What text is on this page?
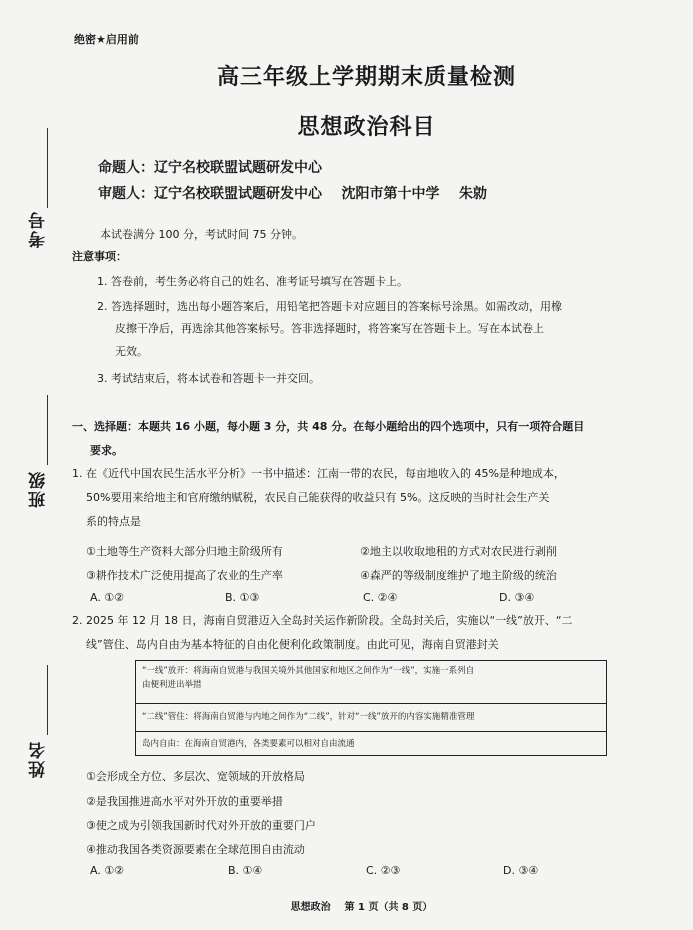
考号
班级
姓名
绝密★启用前
高三年级上学期期末质量检测
思想政治科目
命题人：辽宁名校联盟试题研发中心
审题人：辽宁名校联盟试题研发中心    沈阳市第十中学    朱勍
本试卷满分 100 分，考试时间 75 分钟。
注意事项：
1. 答卷前，考生务必将自己的姓名、准考证号填写在答题卡上。
2. 答选择题时，选出每小题答案后，用铅笔把答题卡对应题目的答案标号涂黑。如需改动，用橡
皮擦干净后，再选涂其他答案标号。答非选择题时，将答案写在答题卡上。写在本试卷上
无效。
3. 考试结束后，将本试卷和答题卡一并交回。
一、选择题：本题共 16 小题，每小题 3 分，共 48 分。在每小题给出的四个选项中，只有一项符合题目
要求。
1. 在《近代中国农民生活水平分析》一书中描述：江南一带的农民，每亩地收入的 45%是种地成本，
50%要用来给地主和官府缴纳赋税，农民自己能获得的收益只有 5%。这反映的当时社会生产关
系的特点是
①土地等生产资料大部分归地主阶级所有	②地主以收取地租的方式对农民进行剥削
③耕作技术广泛使用提高了农业的生产率	④森严的等级制度维护了地主阶级的统治
A. ①②	B. ①③	C. ②④	D. ③④
2. 2025 年 12 月 18 日，海南自贸港迈入全岛封关运作新阶段。全岛封关后，实施以“一线”放开、“二
线”管住、岛内自由为基本特征的自由化便利化政策制度。由此可见，海南自贸港封关
“一线”放开：将海南自贸港与我国关境外其他国家和地区之间作为“一线”，实施一系列自
由便利进出举措
“二线”管住：将海南自贸港与内地之间作为“二线”，针对“一线”放开的内容实施精准管理
岛内自由：在海南自贸港内，各类要素可以相对自由流通
①会形成全方位、多层次、宽领域的开放格局
②是我国推进高水平对外开放的重要举措
③使之成为引领我国新时代对外开放的重要门户
④推动我国各类资源要素在全球范围自由流动
A. ①②	B. ①④	C. ②③	D. ③④
思想政治    第 1 页（共 8 页）
